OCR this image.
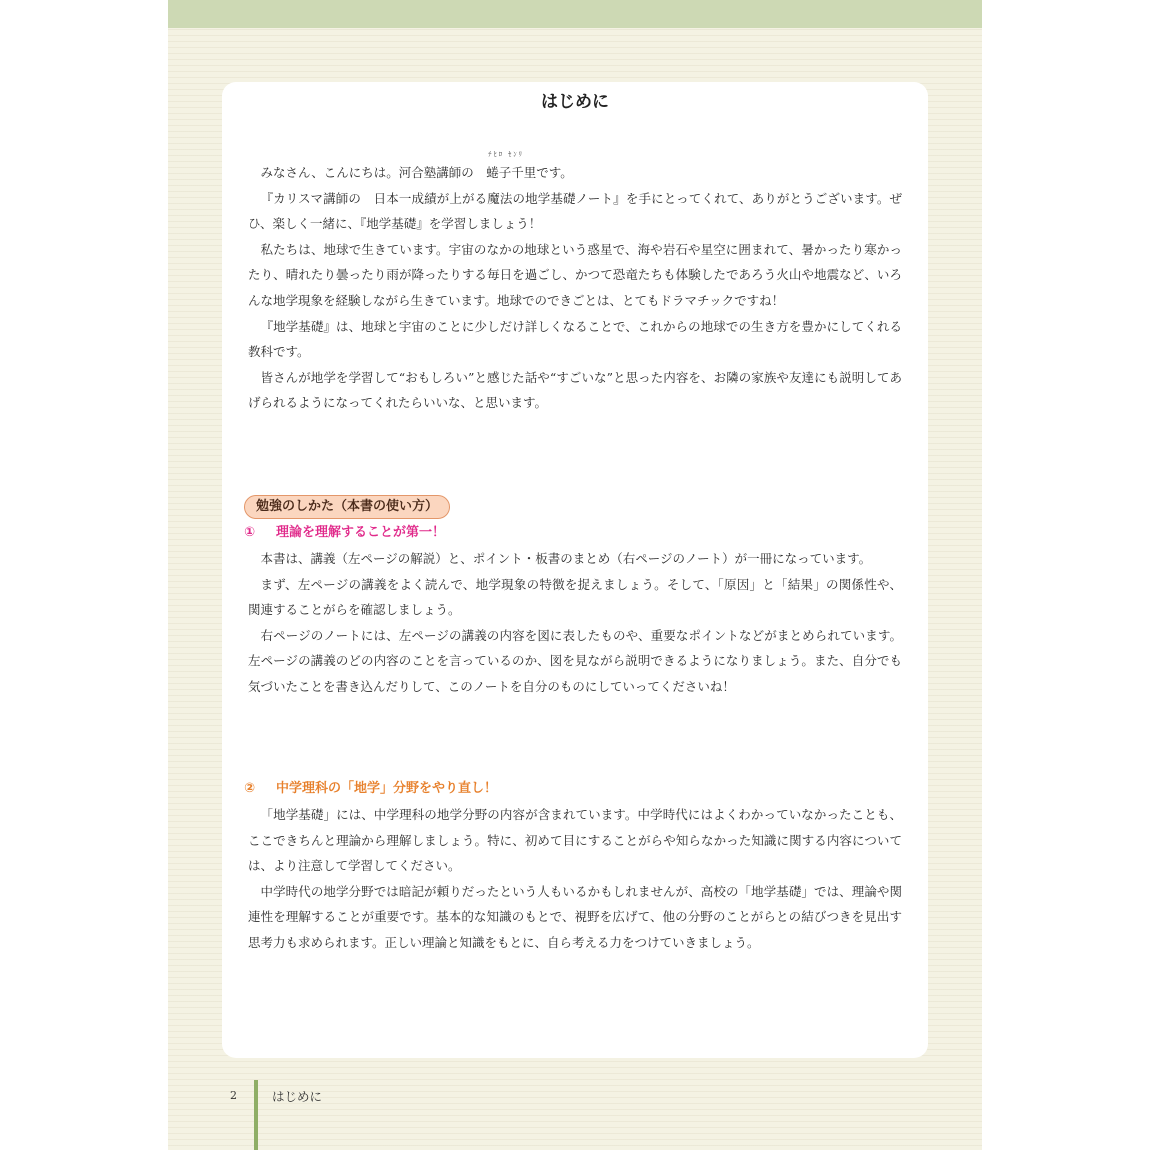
はじめに

みなさん、こんにちは。河合塾講師の
ﾁﾋﾛ ｾﾝﾘ
蜷子千里です。

『カリスマ講師の　日本一成績が上がる魔法の地学基礎ノート』を手にとってくれて、ありがとうございます。ぜひ、楽しく一緒に、『地学基礎』を学習しましょう！

私たちは、地球で生きています。宇宙のなかの地球という惑星で、海や岩石や星空に囲まれて、暑かったり寒かったり、晴れたり曇ったり雨が降ったりする毎日を過ごし、かつて恐竜たちも体験したであろう火山や地震など、いろんな地学現象を経験しながら生きています。地球でのできごとは、とてもドラマチックですね！

『地学基礎』は、地球と宇宙のことに少しだけ詳しくなることで、これからの地球での生き方を豊かにしてくれる教科です。

皆さんが地学を学習して“おもしろい”と感じた話や“すごいな”と思った内容を、お隣の家族や友達にも説明してあげられるようになってくれたらいいな、と思います。

勉強のしかた（本書の使い方）
① 理論を理解することが第一！

本書は、講義（左ページの解説）と、ポイント・板書のまとめ（右ページのノート）が一冊になっています。

まず、左ページの講義をよく読んで、地学現象の特徴を捉えましょう。そして、「原因」と「結果」の関係性や、関連することがらを確認しましょう。

右ページのノートには、左ページの講義の内容を図に表したものや、重要なポイントなどがまとめられています。左ページの講義のどの内容のことを言っているのか、図を見ながら説明できるようになりましょう。また、自分でも気づいたことを書き込んだりして、このノートを自分のものにしていってくださいね！

② 中学理科の「地学」分野をやり直し！

「地学基礎」には、中学理科の地学分野の内容が含まれています。中学時代にはよくわかっていなかったことも、ここできちんと理論から理解しましょう。特に、初めて目にすることがらや知らなかった知識に関する内容については、より注意して学習してください。

中学時代の地学分野では暗記が頼りだったという人もいるかもしれませんが、高校の「地学基礎」では、理論や関連性を理解することが重要です。基本的な知識のもとで、視野を広げて、他の分野のことがらとの結びつきを見出す思考力も求められます。正しい理論と知識をもとに、自ら考える力をつけていきましょう。

2	はじめに
